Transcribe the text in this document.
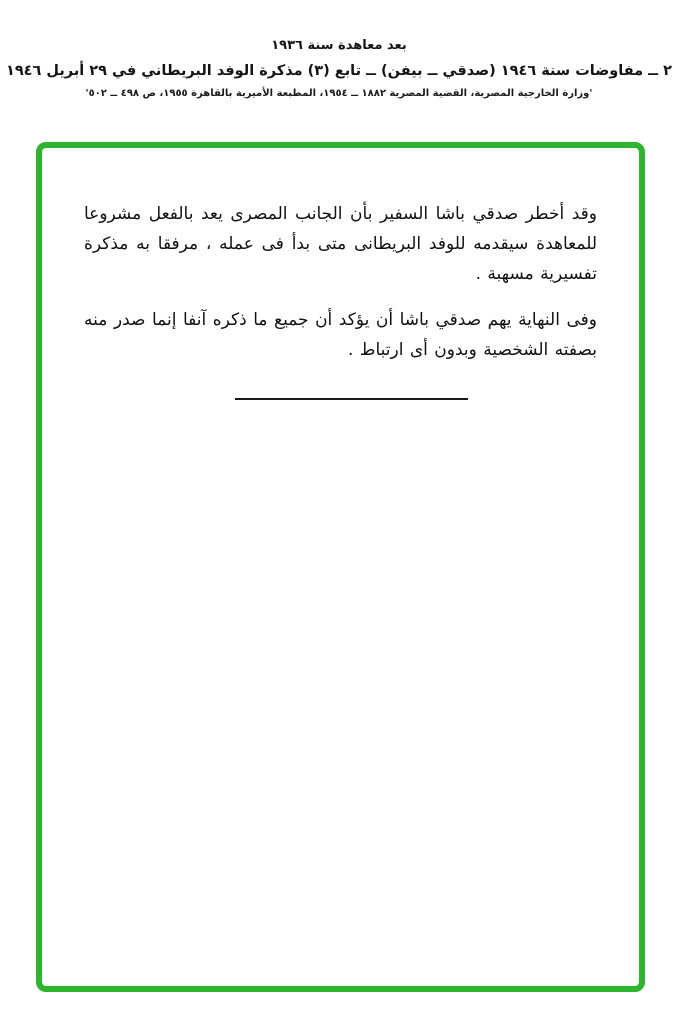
بعد معاهدة سنة ١٩٣٦
٢ ــ مفاوضات سنة ١٩٤٦ (صدقي ــ بيفن) ــ تابع (٣) مذكرة الوفد البريطاني في ٢٩ أبريل ١٩٤٦
'وزارة الخارجية المصرية، القضية المصرية ١٨٨٢ ــ ١٩٥٤، المطبعة الأميرية بالقاهرة ١٩٥٥، ص ٤٩٨ ــ ٥٠٢'

وقد أخطر صدقي باشا السفير بأن الجانب المصرى يعد بالفعل مشروعا للمعاهدة سيقدمه للوفد البريطانى متى بدأ فى عمله ، مرفقا به مذكرة تفسيرية مسهبة .

وفى النهاية يهم صدقي باشا أن يؤكد أن جميع ما ذكره آنفا إنما صدر منه بصفته الشخصية وبدون أى ارتباط .
